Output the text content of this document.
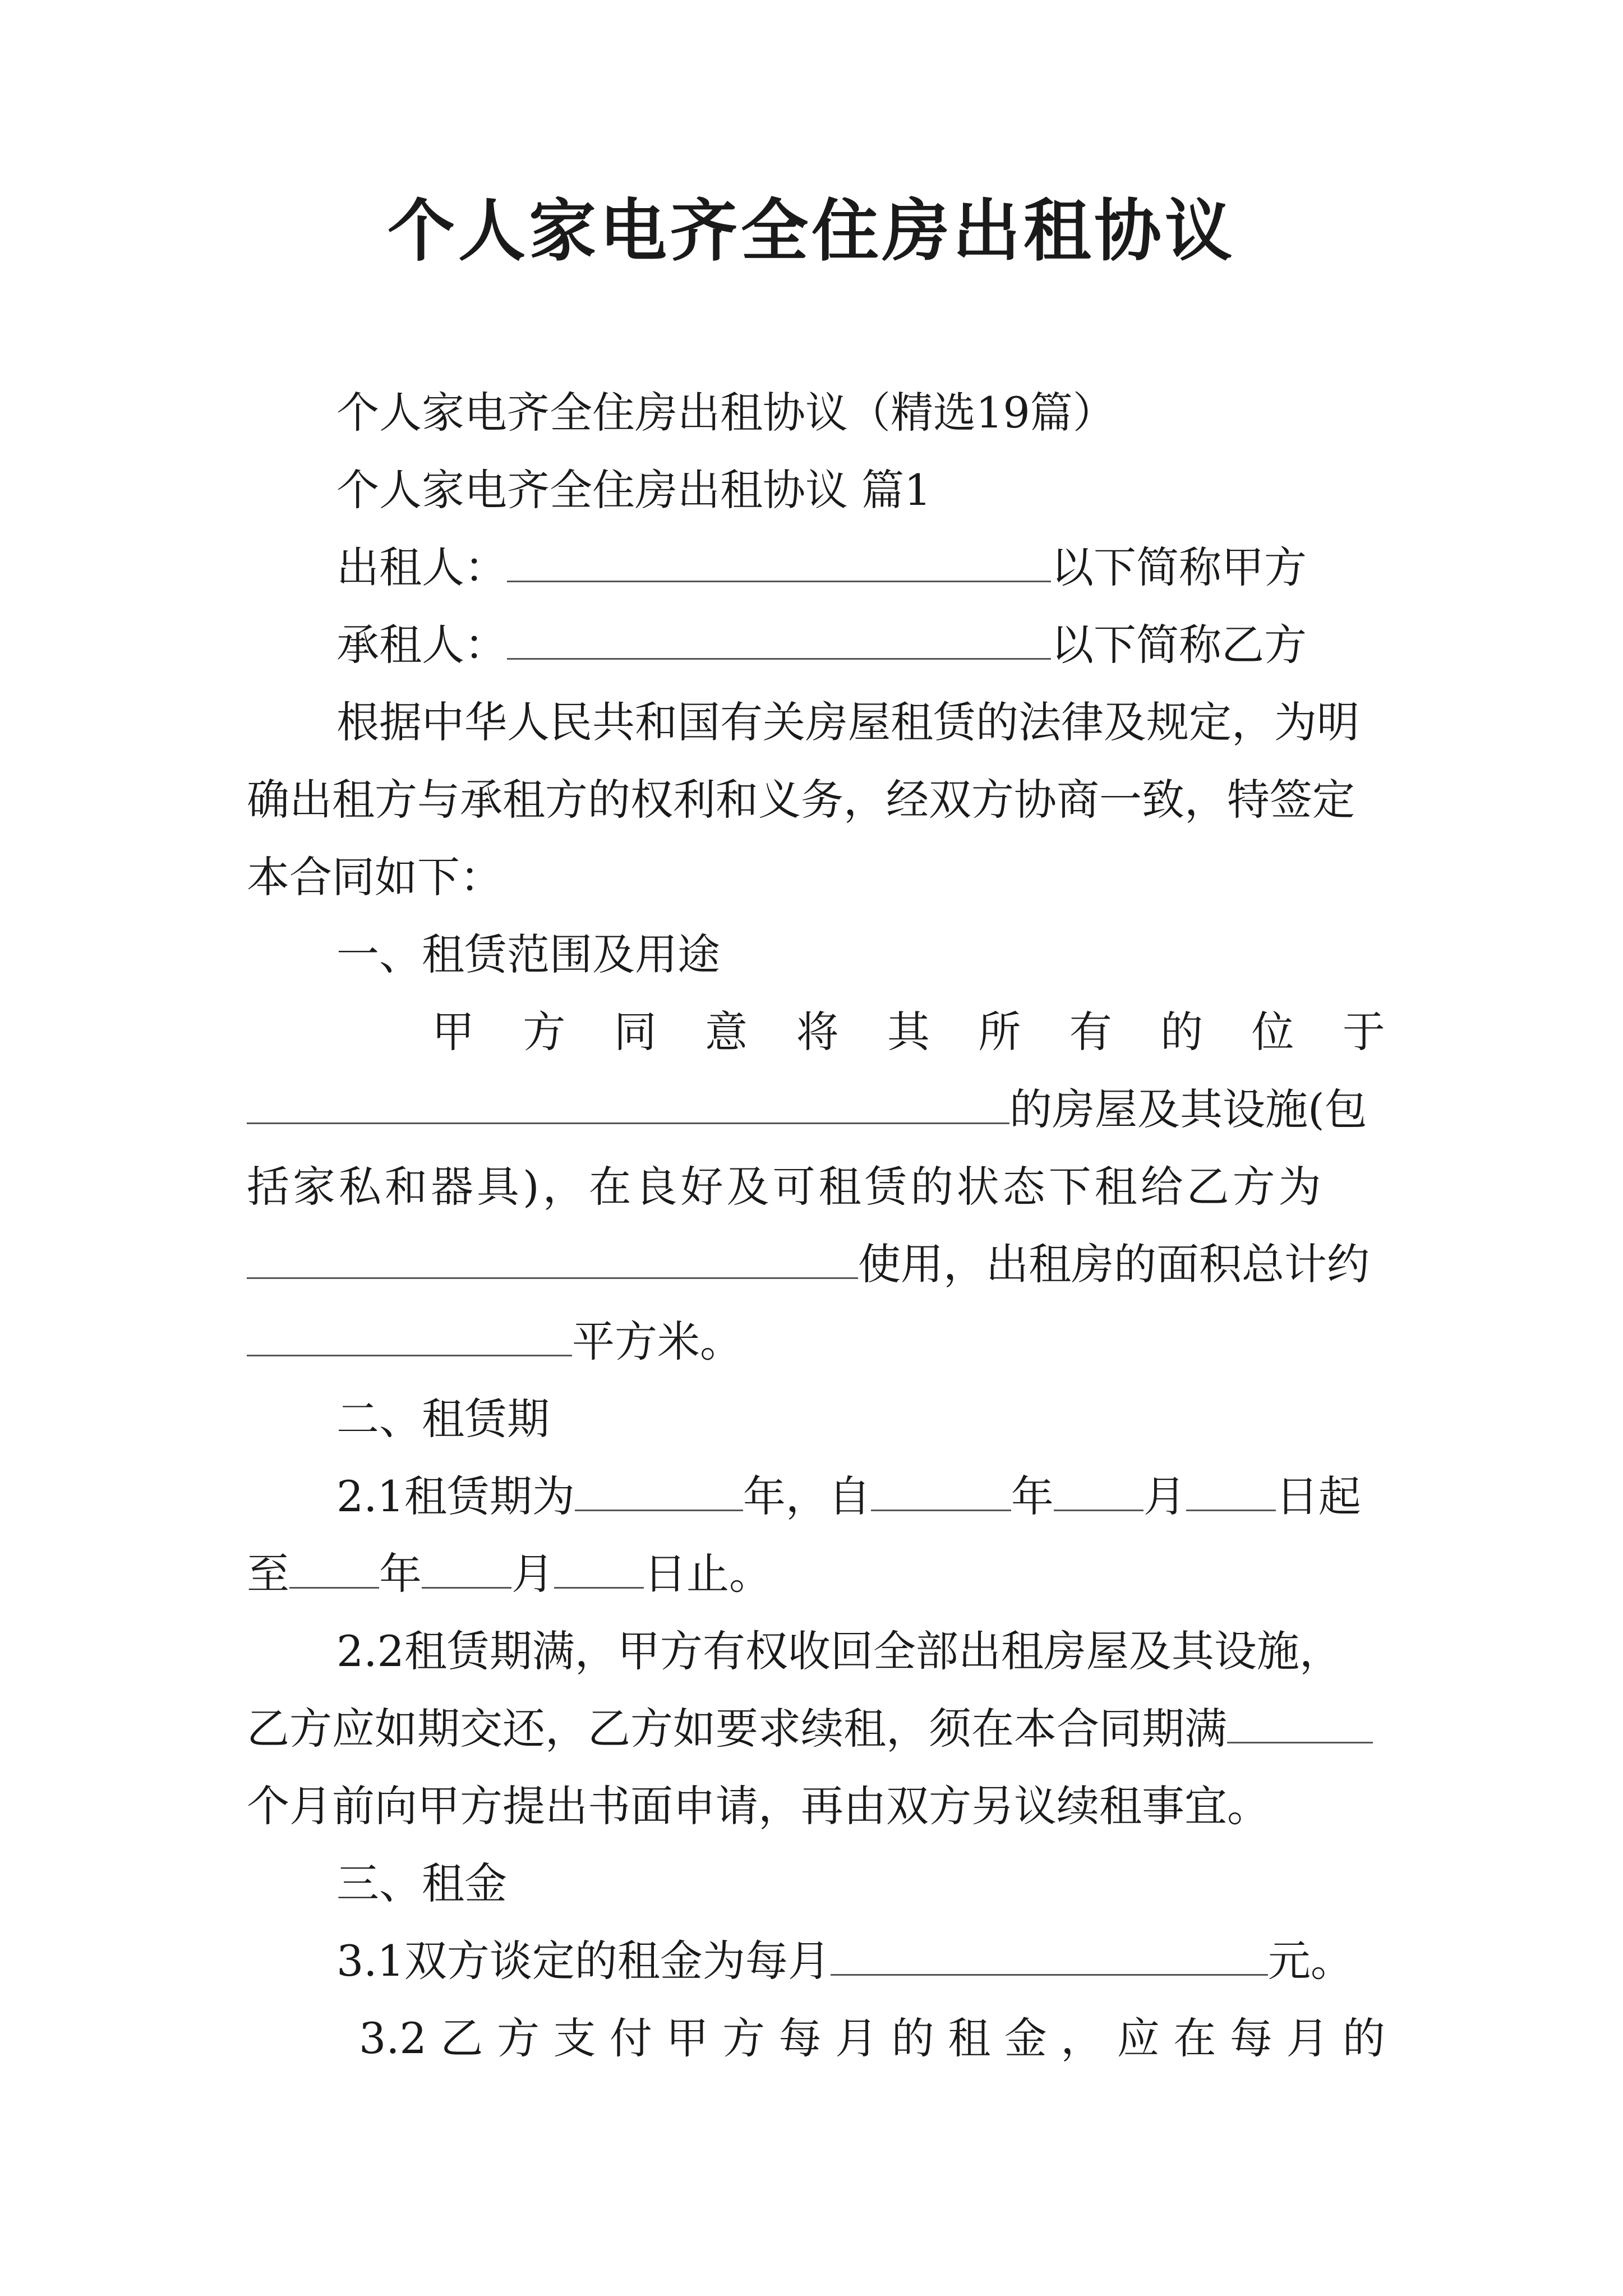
个人家电齐全住房出租协议

个人家电齐全住房出租协议（精选19篇）

个人家电齐全住房出租协议 篇1

出租人：	以下简称甲方

承租人：	以下简称乙方

根据中华人民共和国有关房屋租赁的法律及规定，为明

确出租方与承租方的权利和义务，经双方协商一致，特签定

本合同如下：

一、租赁范围及用途

甲 方 同 意 将 其 所 有 的 位 于

的房屋及其设施(包

括家私和器具)，在良好及可租赁的状态下租给乙方为

使用，出租房的面积总计约

平方米。

二、租赁期

2.1租赁期为	年，自	年 月 日起

至 年 月 日止。

2.2租赁期满，甲方有权收回全部出租房屋及其设施，

乙方应如期交还，乙方如要求续租，须在本合同期满

个月前向甲方提出书面申请，再由双方另议续租事宜。

三、租金

3.1双方谈定的租金为每月	元。

3.2 乙 方 支 付 甲 方 每 月 的 租 金 ， 应 在 每 月 的
